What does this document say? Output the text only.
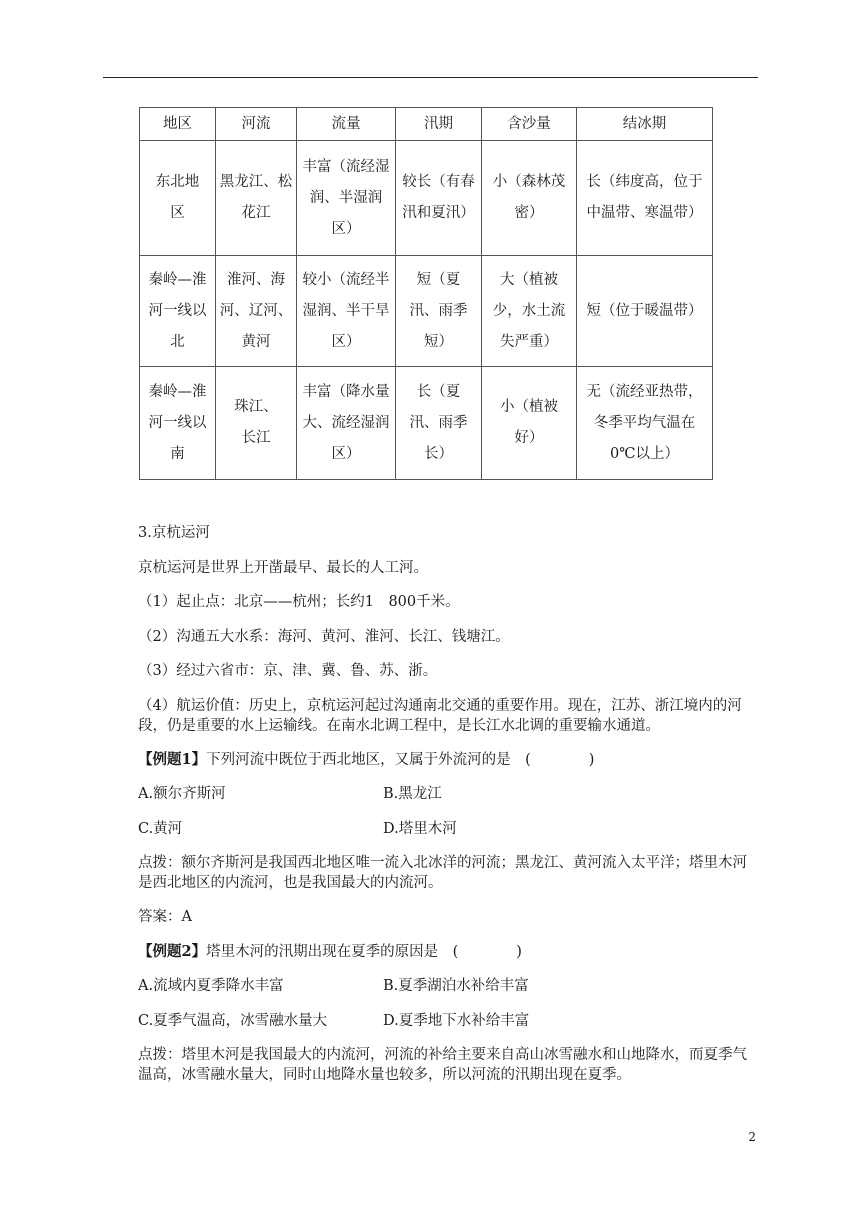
地区	河流	流量	汛期	含沙量	结冰期
东北地区	黑龙江、松花江	丰富（流经湿润、半湿润区）	较长（有春汛和夏汛）	小（森林茂密）	长（纬度高，位于中温带、寒温带）
秦岭—淮河一线以北	淮河、海河、辽河、黄河	较小（流经半湿润、半干旱区）	短（夏汛、雨季短）	大（植被少，水土流失严重）	短（位于暖温带）
秦岭—淮河一线以南	珠江、长江	丰富（降水量大、流经湿润区）	长（夏汛、雨季长）	小（植被好）	无（流经亚热带，冬季平均气温在0℃以上）

3.京杭运河

京杭运河是世界上开凿最早、最长的人工河。

（1）起止点：北京——杭州；长约1　800千米。

（2）沟通五大水系：海河、黄河、淮河、长江、钱塘江。

（3）经过六省市：京、津、冀、鲁、苏、浙。

（4）航运价值：历史上，京杭运河起过沟通南北交通的重要作用。现在，江苏、浙江境内的河段，仍是重要的水上运输线。在南水北调工程中，是长江水北调的重要输水通道。

【例题1】下列河流中既位于西北地区，又属于外流河的是　(　　　　)

A.额尔齐斯河	B.黑龙江

C.黄河	D.塔里木河

点拨：额尔齐斯河是我国西北地区唯一流入北冰洋的河流；黑龙江、黄河流入太平洋；塔里木河是西北地区的内流河，也是我国最大的内流河。

答案：A

【例题2】塔里木河的汛期出现在夏季的原因是　(　　　　)

A.流域内夏季降水丰富	B.夏季湖泊水补给丰富

C.夏季气温高，冰雪融水量大	D.夏季地下水补给丰富

点拨：塔里木河是我国最大的内流河，河流的补给主要来自高山冰雪融水和山地降水，而夏季气温高，冰雪融水量大，同时山地降水量也较多，所以河流的汛期出现在夏季。

2
